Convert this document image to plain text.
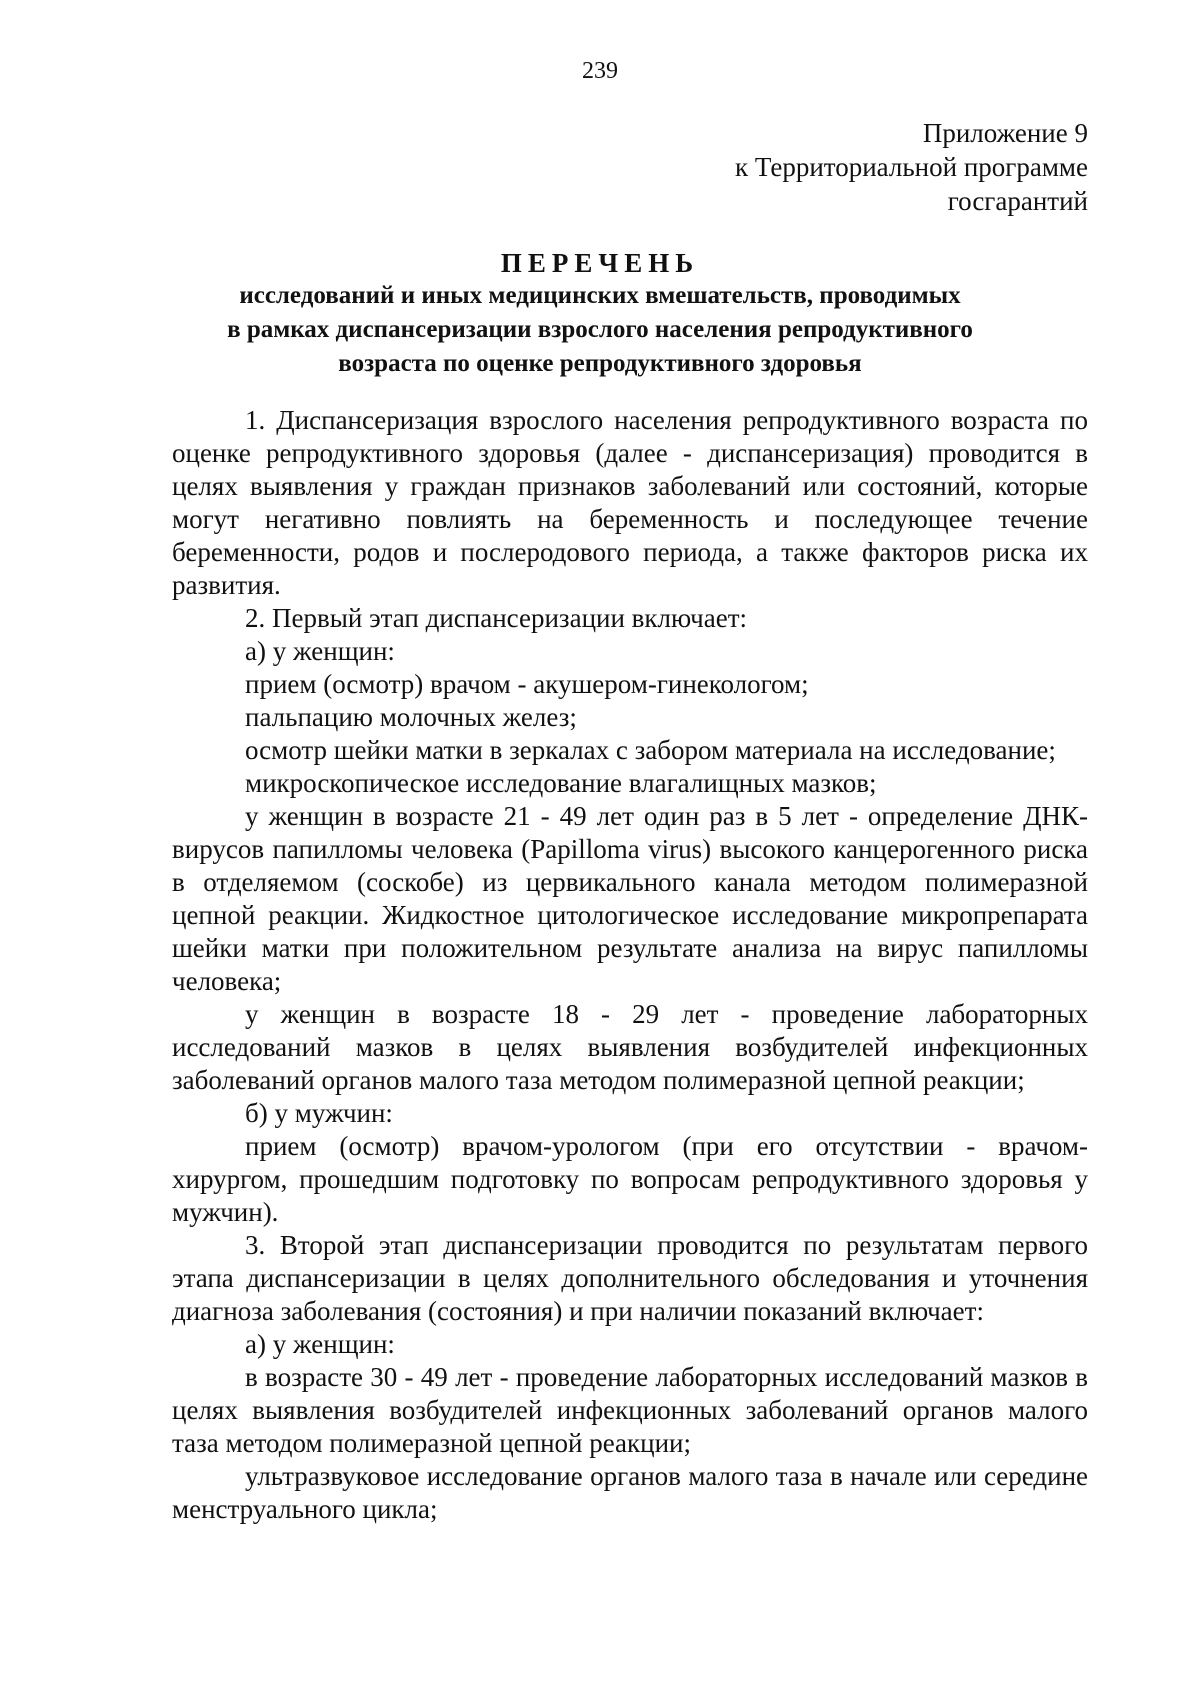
239
Приложение 9
к Территориальной программе
госгарантий
ПЕРЕЧЕНЬ
исследований и иных медицинских вмешательств, проводимых
в рамках диспансеризации взрослого населения репродуктивного
возраста по оценке репродуктивного здоровья

1. Диспансеризация взрослого населения репродуктивного возраста по оценке репродуктивного здоровья (далее - диспансеризация) проводится в целях выявления у граждан признаков заболеваний или состояний, которые могут негативно повлиять на беременность и последующее течение беременности, родов и послеродового периода, а также факторов риска их развития.

2. Первый этап диспансеризации включает:

а) у женщин:

прием (осмотр) врачом - акушером-гинекологом;

пальпацию молочных желез;

осмотр шейки матки в зеркалах с забором материала на исследование;

микроскопическое исследование влагалищных мазков;

у женщин в возрасте 21 - 49 лет один раз в 5 лет - определение ДНК-вирусов папилломы человека (Papilloma virus) высокого канцерогенного риска в отделяемом (соскобе) из цервикального канала методом полимеразной цепной реакции. Жидкостное цитологическое исследование микропрепарата шейки матки при положительном результате анализа на вирус папилломы человека;

у женщин в возрасте 18 - 29 лет - проведение лабораторных исследований мазков в целях выявления возбудителей инфекционных заболеваний органов малого таза методом полимеразной цепной реакции;

б) у мужчин:

прием (осмотр) врачом-урологом (при его отсутствии - врачом-хирургом, прошедшим подготовку по вопросам репродуктивного здоровья у мужчин).

3. Второй этап диспансеризации проводится по результатам первого этапа диспансеризации в целях дополнительного обследования и уточнения диагноза заболевания (состояния) и при наличии показаний включает:

а) у женщин:

в возрасте 30 - 49 лет - проведение лабораторных исследований мазков в целях выявления возбудителей инфекционных заболеваний органов малого таза методом полимеразной цепной реакции;

ультразвуковое исследование органов малого таза в начале или середине менструального цикла;
